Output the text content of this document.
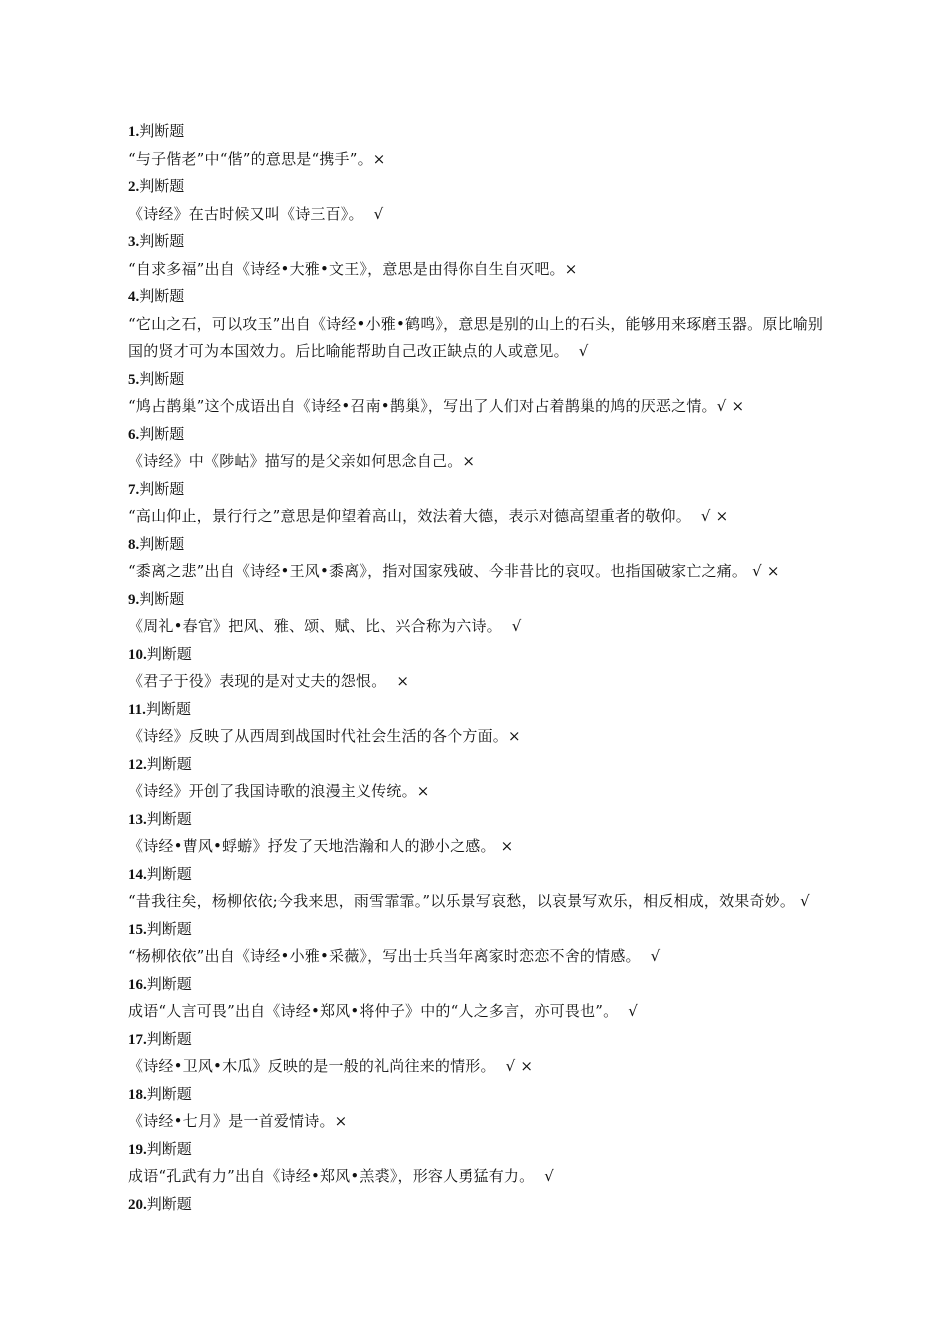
1.判断题
“与子偕老”中“偕”的意思是“携手”。×
2.判断题
《诗经》在古时候又叫《诗三百》。  √
3.判断题
“自求多福”出自《诗经•大雅•文王》，意思是由得你自生自灭吧。×
4.判断题
“它山之石，可以攻玉”出自《诗经•小雅•鹤鸣》，意思是别的山上的石头，能够用来琢磨玉器。原比喻别国的贤才可为本国效力。后比喻能帮助自己改正缺点的人或意见。  √
5.判断题
“鸠占鹊巢”这个成语出自《诗经•召南•鹊巢》，写出了人们对占着鹊巢的鸠的厌恶之情。√ ×
6.判断题
《诗经》中《陟岵》描写的是父亲如何思念自己。×
7.判断题
“高山仰止，景行行之”意思是仰望着高山，效法着大德，表示对德高望重者的敬仰。  √ ×
8.判断题
“黍离之悲”出自《诗经•王风•黍离》，指对国家残破、今非昔比的哀叹。也指国破家亡之痛。 √ ×
9.判断题
《周礼•春官》把风、雅、颂、赋、比、兴合称为六诗。  √
10.判断题
《君子于役》表现的是对丈夫的怨恨。  ×
11.判断题
《诗经》反映了从西周到战国时代社会生活的各个方面。×
12.判断题
《诗经》开创了我国诗歌的浪漫主义传统。×
13.判断题
《诗经•曹风•蜉蝣》抒发了天地浩瀚和人的渺小之感。 ×
14.判断题
“昔我往矣，杨柳依依;今我来思，雨雪霏霏。”以乐景写哀愁，以哀景写欢乐，相反相成，效果奇妙。 √
15.判断题
“杨柳依依”出自《诗经•小雅•采薇》，写出士兵当年离家时恋恋不舍的情感。  √
16.判断题
成语“人言可畏”出自《诗经•郑风•将仲子》中的“人之多言，亦可畏也”。  √
17.判断题
《诗经•卫风•木瓜》反映的是一般的礼尚往来的情形。  √ ×
18.判断题
《诗经•七月》是一首爱情诗。×
19.判断题
成语“孔武有力”出自《诗经•郑风•羔裘》，形容人勇猛有力。  √
20.判断题
